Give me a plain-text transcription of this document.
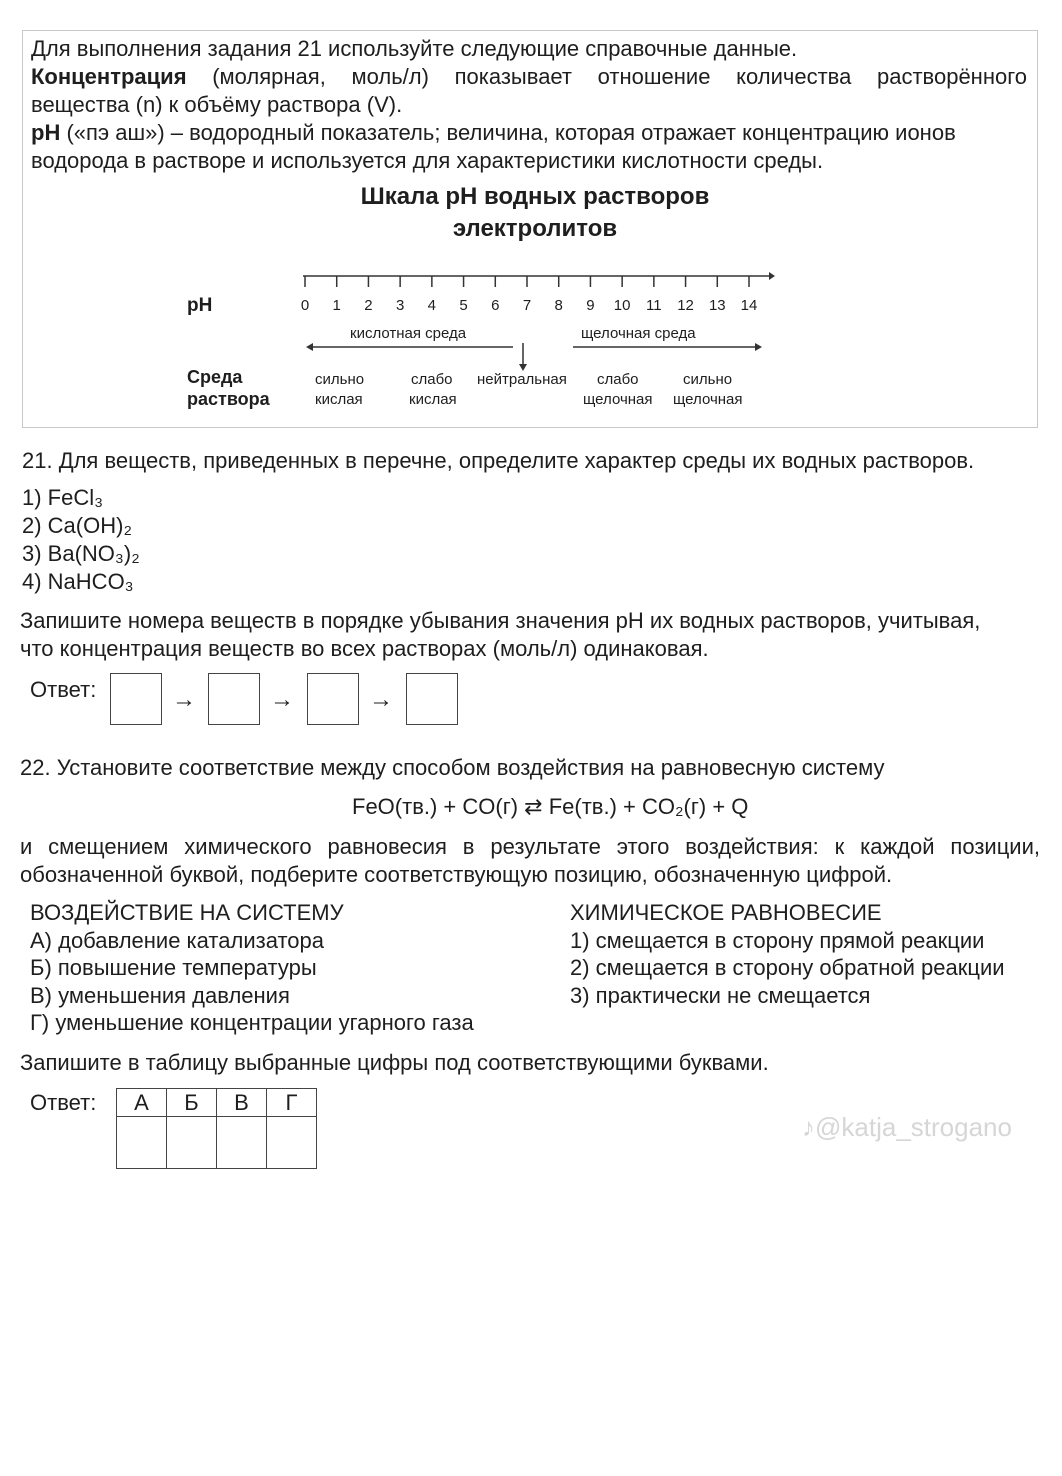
Для выполнения задания 21 используйте следующие справочные данные.
Концентрация (молярная, моль/л) показывает отношение количества растворённого
вещества (n) к объёму раствора (V).
pH («пэ аш») – водородный показатель; величина, которая отражает концентрацию ионов
водорода в растворе и используется для характеристики кислотности среды.
Шкала pH водных растворов
электролитов
pH	0 1 2 3 4 5 6 7 8 9 10 11 12 13 14
кислотная среда	щелочная среда
Среда
раствора
сильно
кислая
слабо
кислая
нейтральная слабо
щелочная
сильно
щелочная
21. Для веществ, приведенных в перечне, определите характер среды их водных растворов.
1) FeCl₃
2) Ca(OH)₂
3) Ba(NO₃)₂
4) NaHCO₃
Запишите номера веществ в порядке убывания значения pH их водных растворов, учитывая,
что концентрация веществ во всех растворах (моль/л) одинаковая.
Ответ:	→	→	→
22. Установите соответствие между способом воздействия на равновесную систему
FeO(тв.) + CO(г) ⇄ Fe(тв.) + CO₂(г) + Q
и смещением химического равновесия в результате этого воздействия: к каждой позиции,
обозначенной буквой, подберите соответствующую позицию, обозначенную цифрой.
ВОЗДЕЙСТВИЕ НА СИСТЕМУ
А) добавление катализатора
Б) повышение температуры
В) уменьшения давления
Г) уменьшение концентрации угарного газа
ХИМИЧЕСКОЕ РАВНОВЕСИЕ
1) смещается в сторону прямой реакции
2) смещается в сторону обратной реакции
3) практически не смещается
Запишите в таблицу выбранные цифры под соответствующими буквами.
Ответ: А	Б	В	Г

♪@katja_strogano
